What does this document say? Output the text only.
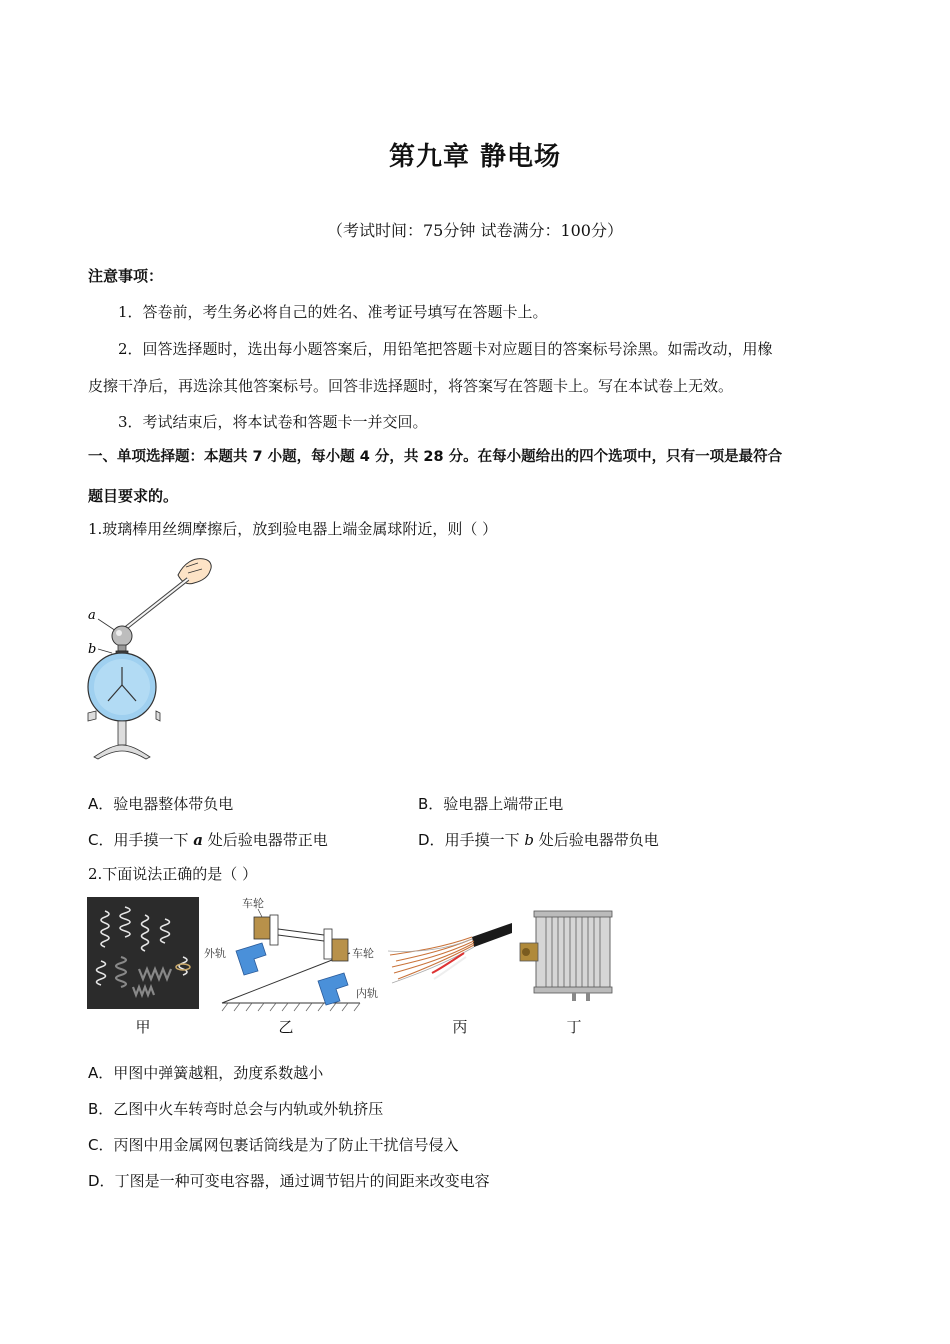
第九章 静电场
（考试时间：75分钟 试卷满分：100分）
注意事项：
1．答卷前，考生务必将自己的姓名、准考证号填写在答题卡上。
2．回答选择题时，选出每小题答案后，用铅笔把答题卡对应题目的答案标号涂黑。如需改动，用橡
皮擦干净后，再选涂其他答案标号。回答非选择题时，将答案写在答题卡上。写在本试卷上无效。
3．考试结束后，将本试卷和答题卡一并交回。
一、单项选择题：本题共 7 小题，每小题 4 分，共 28 分。在每小题给出的四个选项中，只有一项是最符合
题目要求的。
1.玻璃棒用丝绸摩擦后，放到验电器上端金属球附近，则（ ）
a
b
A．验电器整体带负电	B．验电器上端带正电
C．用手摸一下 a 处后验电器带正电	D．用手摸一下 b 处后验电器带负电
2.下面说法正确的是（ ）
甲
车轮
外轨	车轮
内轨
乙	丙	丁
A．甲图中弹簧越粗，劲度系数越小
B．乙图中火车转弯时总会与内轨或外轨挤压
C．丙图中用金属网包裹话筒线是为了防止干扰信号侵入
D．丁图是一种可变电容器，通过调节铝片的间距来改变电容
